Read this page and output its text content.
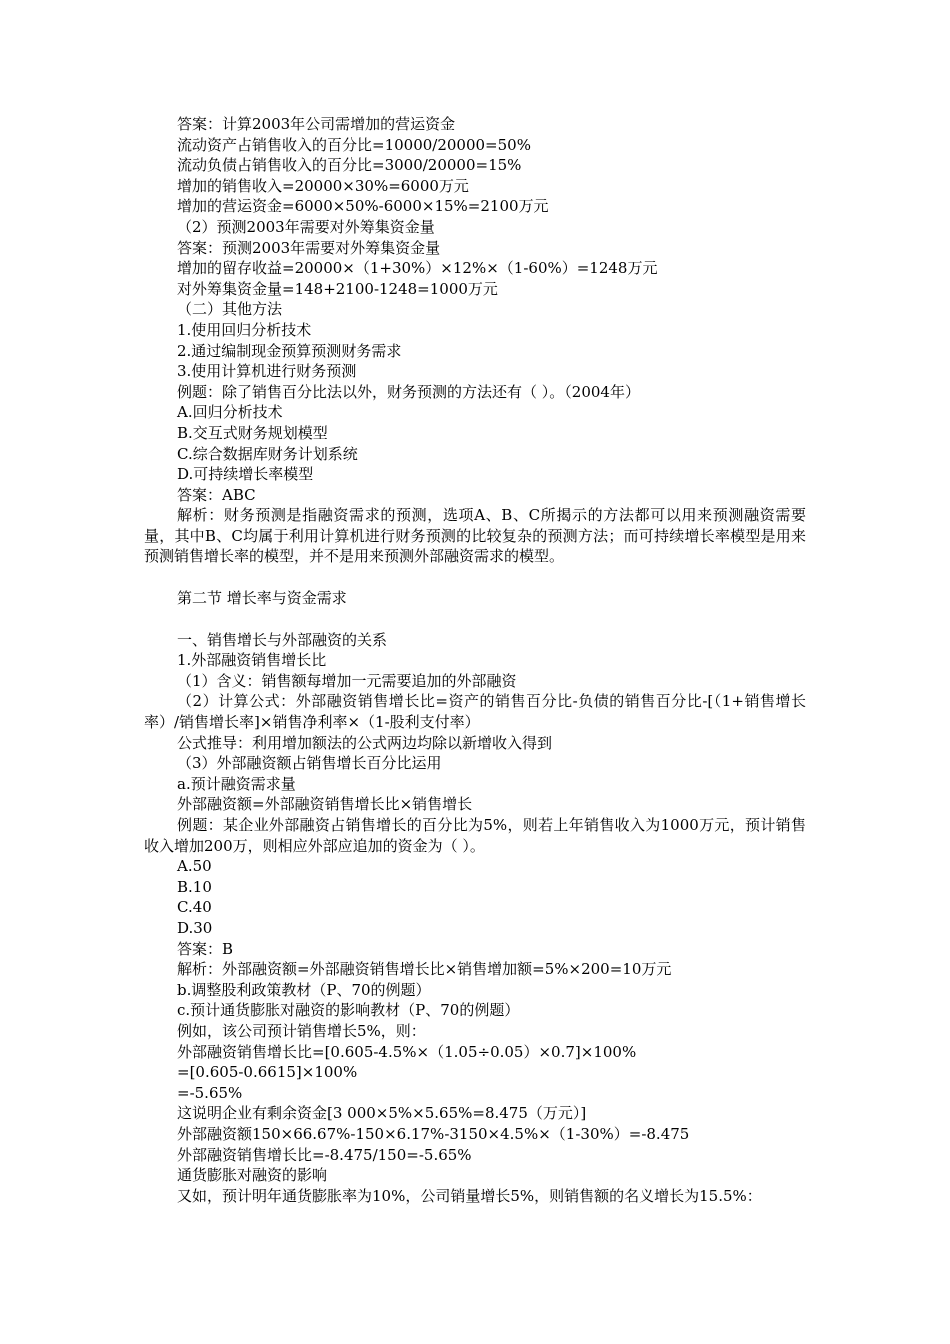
答案：计算2003年公司需增加的营运资金

流动资产占销售收入的百分比=10000/20000=50%

流动负债占销售收入的百分比=3000/20000=15%

增加的销售收入=20000×30%=6000万元

增加的营运资金=6000×50%-6000×15%=2100万元

（2）预测2003年需要对外筹集资金量

答案：预测2003年需要对外筹集资金量

增加的留存收益=20000×（1+30%）×12%×（1-60%）=1248万元

对外筹集资金量=148+2100-1248=1000万元

（二）其他方法

1.使用回归分析技术

2.通过编制现金预算预测财务需求

3.使用计算机进行财务预测

例题：除了销售百分比法以外，财务预测的方法还有（ ）。（2004年）

A.回归分析技术

B.交互式财务规划模型

C.综合数据库财务计划系统

D.可持续增长率模型

答案：ABC

解析：财务预测是指融资需求的预测，选项A、B、C所揭示的方法都可以用来预测融资需要量，其中B、C均属于利用计算机进行财务预测的比较复杂的预测方法；而可持续增长率模型是用来预测销售增长率的模型，并不是用来预测外部融资需求的模型。

第二节 增长率与资金需求

一、销售增长与外部融资的关系

1.外部融资销售增长比

（1）含义：销售额每增加一元需要追加的外部融资

（2）计算公式：外部融资销售增长比=资产的销售百分比-负债的销售百分比-[（1+销售增长率）/销售增长率]×销售净利率×（1-股利支付率）

公式推导：利用增加额法的公式两边均除以新增收入得到

（3）外部融资额占销售增长百分比运用

a.预计融资需求量

外部融资额=外部融资销售增长比×销售增长

例题：某企业外部融资占销售增长的百分比为5%，则若上年销售收入为1000万元，预计销售收入增加200万，则相应外部应追加的资金为（ ）。

A.50

B.10

C.40

D.30

答案：B

解析：外部融资额=外部融资销售增长比×销售增加额=5%×200=10万元

b.调整股利政策教材（P、70的例题）

c.预计通货膨胀对融资的影响教材（P、70的例题）

例如，该公司预计销售增长5%，则：

外部融资销售增长比=[0.605-4.5%×（1.05÷0.05）×0.7]×100%

=[0.605-0.6615]×100%

=-5.65%

这说明企业有剩余资金[3 000×5%×5.65%=8.475（万元）]

外部融资额150×66.67%-150×6.17%-3150×4.5%×（1-30%）=-8.475

外部融资销售增长比=-8.475/150=-5.65%

通货膨胀对融资的影响

又如，预计明年通货膨胀率为10%，公司销量增长5%，则销售额的名义增长为15.5%：
